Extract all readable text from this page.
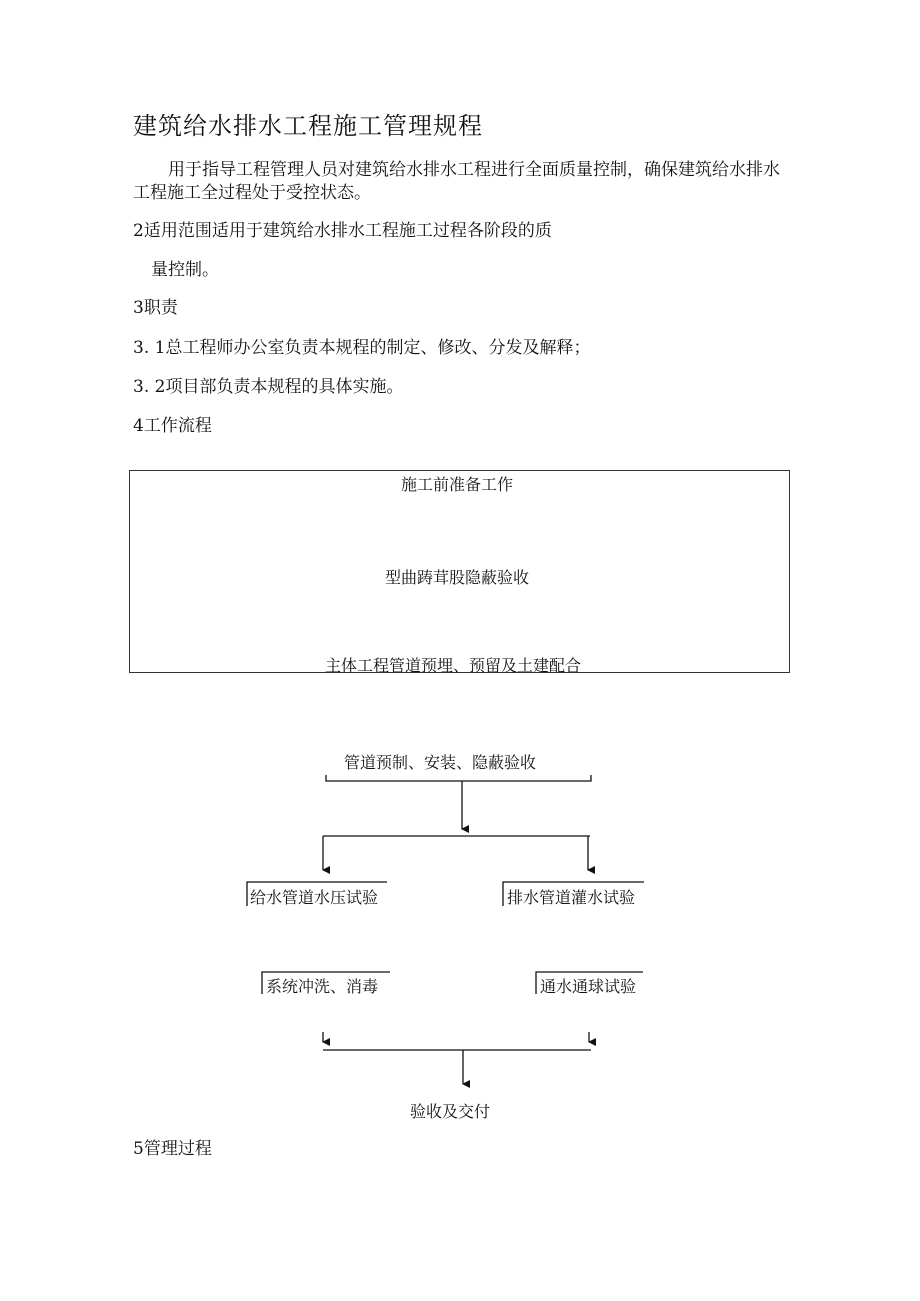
建筑给水排水工程施工管理规程
用于指导工程管理人员对建筑给水排水工程进行全面质量控制，确保建筑给水排水
工程施工全过程处于受控状态。
2适用范围适用于建筑给水排水工程施工过程各阶段的质
量控制。
3职责
3. 1总工程师办公室负责本规程的制定、修改、分发及解释；
3. 2项目部负责本规程的具体实施。
4工作流程
施工前准备工作
型曲踌茸股隐蔽验收
主体工程管道预埋、预留及土建配合
管道预制、安装、隐蔽验收
给水管道水压试验	排水管道灌水试验
系统冲洗、消毒	通水通球试验
验收及交付
5管理过程
